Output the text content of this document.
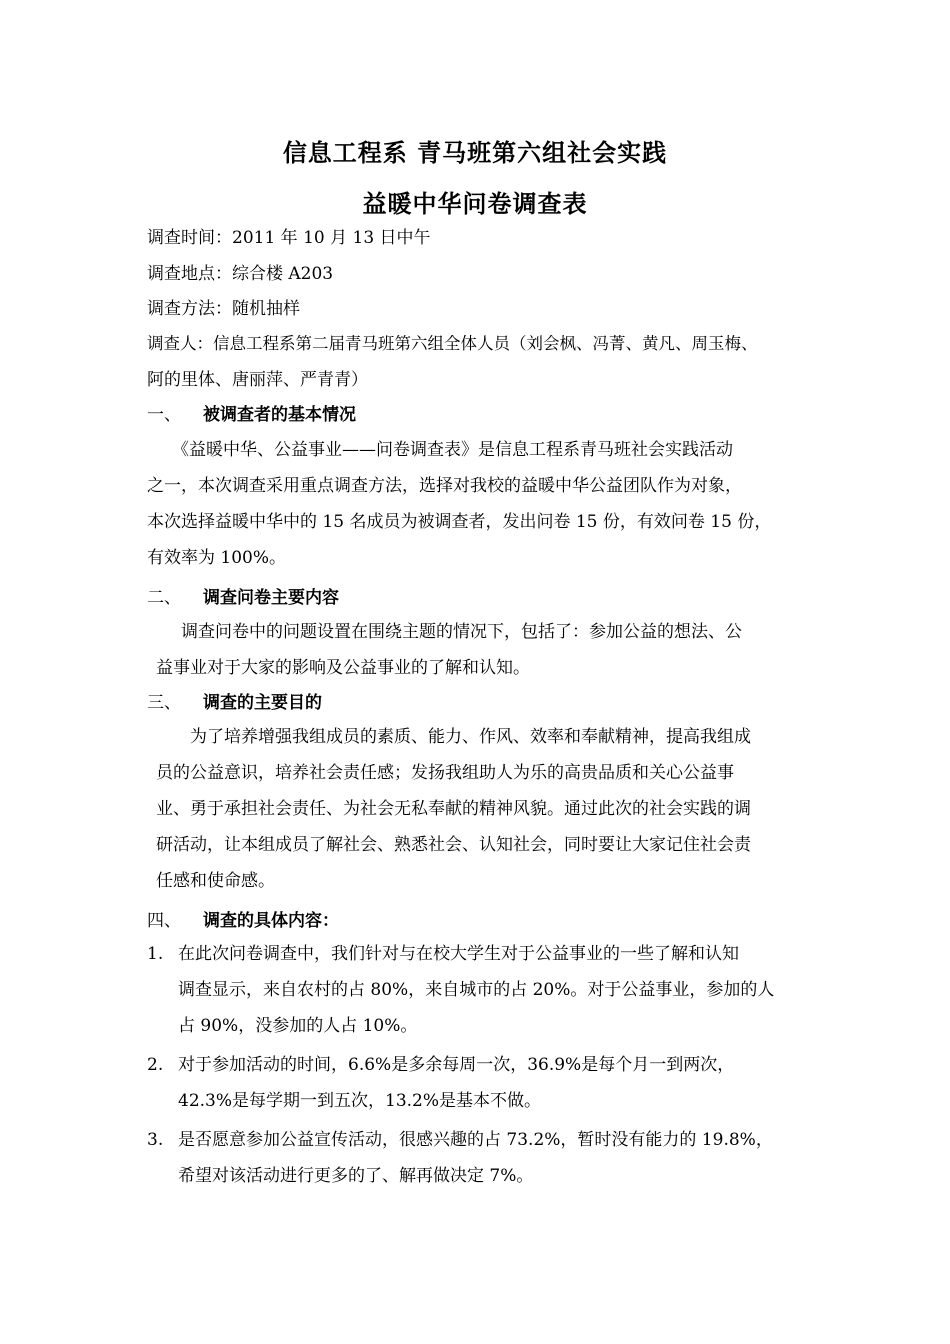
信息工程系 青马班第六组社会实践
益暖中华问卷调查表
调查时间：2011 年 10 月 13 日中午
调查地点：综合楼 A203
调查方法：随机抽样
调查人：信息工程系第二届青马班第六组全体人员（刘会枫、冯菁、黄凡、周玉梅、
阿的里体、唐丽萍、严青青）
一、 被调查者的基本情况
《益暖中华、公益事业——问卷调查表》是信息工程系青马班社会实践活动
之一，本次调查采用重点调查方法，选择对我校的益暖中华公益团队作为对象，
本次选择益暖中华中的 15 名成员为被调查者，发出问卷 15 份，有效问卷 15 份，
有效率为 100%。
二、 调查问卷主要内容
调查问卷中的问题设置在围绕主题的情况下，包括了：参加公益的想法、公
益事业对于大家的影响及公益事业的了解和认知。
三、 调查的主要目的
为了培养增强我组成员的素质、能力、作风、效率和奉献精神，提高我组成
员的公益意识，培养社会责任感；发扬我组助人为乐的高贵品质和关心公益事
业、勇于承担社会责任、为社会无私奉献的精神风貌。通过此次的社会实践的调
研活动，让本组成员了解社会、熟悉社会、认知社会，同时要让大家记住社会责
任感和使命感。
四、 调查的具体内容：
1. 在此次问卷调查中，我们针对与在校大学生对于公益事业的一些了解和认知
调查显示，来自农村的占 80%，来自城市的占 20%。对于公益事业，参加的人
占 90%，没参加的人占 10%。
2. 对于参加活动的时间，6.6%是多余每周一次，36.9%是每个月一到两次，
42.3%是每学期一到五次，13.2%是基本不做。
3. 是否愿意参加公益宣传活动，很感兴趣的占 73.2%，暂时没有能力的 19.8%，
希望对该活动进行更多的了、解再做决定 7%。
